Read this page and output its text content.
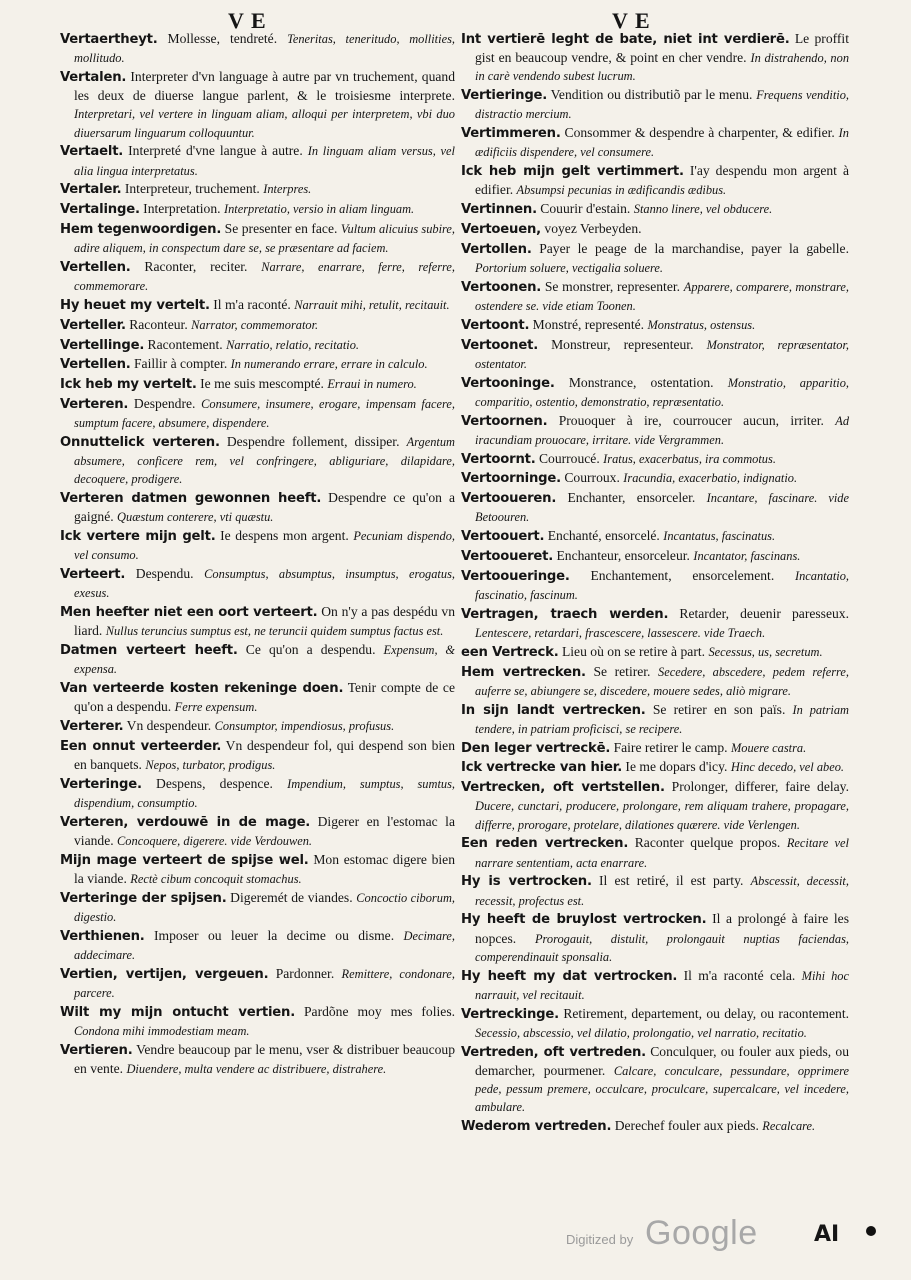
V E	V E

Vertaertheyt. Mollesse, tendreté. Teneritas, teneritudo, mollities, mollitudo.

Vertalen. Interpreter d'vn language à autre par vn truchement, quand les deux de diuerse langue parlent, & le troisiesme interprete. Interpretari, vel vertere in linguam aliam, alloqui per interpretem, vbi duo diuersarum linguarum colloquuntur.

Vertaelt. Interpreté d'vne langue à autre. In linguam aliam versus, vel alia lingua interpretatus.

Vertaler. Interpreteur, truchement. Interpres.

Vertalinge. Interpretation. Interpretatio, versio in aliam linguam.

Hem tegenwoordigen. Se presenter en face. Vultum alicuius subire, adire aliquem, in conspectum dare se, se præsentare ad faciem.

Vertellen. Raconter, reciter. Narrare, enarrare, ferre, referre, commemorare.

Hy heuet my vertelt. Il m'a raconté. Narrauit mihi, retulit, recitauit.

Verteller. Raconteur. Narrator, commemorator.

Vertellinge. Racontement. Narratio, relatio, recitatio.

Vertellen. Faillir à compter. In numerando errare, errare in calculo.

Ick heb my vertelt. Ie me suis mescompté. Erraui in numero.

Verteren. Despendre. Consumere, insumere, erogare, impensam facere, sumptum facere, absumere, dispendere.

Onnuttelick verteren. Despendre follement, dissiper. Argentum absumere, conficere rem, vel confringere, abliguriare, dilapidare, decoquere, prodigere.

Verteren datmen gewonnen heeft. Despendre ce qu'on a gaigné. Quæstum conterere, vti quæstu.

Ick vertere mijn gelt. Ie despens mon argent. Pecuniam dispendo, vel consumo.

Verteert. Despendu. Consumptus, absumptus, insumptus, erogatus, exesus.

Men heefter niet een oort verteert. On n'y a pas despédu vn liard. Nullus teruncius sumptus est, ne teruncii quidem sumptus factus est.

Datmen verteert heeft. Ce qu'on a despendu. Expensum, & expensa.

Van verteerde kosten rekeninge doen. Tenir compte de ce qu'on a despendu. Ferre expensum.

Verterer. Vn despendeur. Consumptor, impendiosus, profusus.

Een onnut verteerder. Vn despendeur fol, qui despend son bien en banquets. Nepos, turbator, prodigus.

Verteringe. Despens, despence. Impendium, sumptus, sumtus, dispendium, consumptio.

Verteren, verdouwē in de mage. Digerer en l'estomac la viande. Concoquere, digerere. vide Verdouwen.

Mijn mage verteert de spijse wel. Mon estomac digere bien la viande. Rectè cibum concoquit stomachus.

Verteringe der spijsen. Digeremét de viandes. Concoctio ciborum, digestio.

Verthienen. Imposer ou leuer la decime ou disme. Decimare, addecimare.

Vertien, vertijen, vergeuen. Pardonner. Remittere, condonare, parcere.

Wilt my mijn ontucht vertien. Pardõne moy mes folies. Condona mihi immodestiam meam.

Vertieren. Vendre beaucoup par le menu, vser & distribuer beaucoup en vente. Diuendere, multa vendere ac distribuere, distrahere.

Int vertierē leght de bate, niet int verdierē. Le proffit gist en beaucoup vendre, & point en cher vendre. In distrahendo, non in carè vendendo subest lucrum.

Vertieringe. Vendition ou distributiõ par le menu. Frequens venditio, distractio mercium.

Vertimmeren. Consommer & despendre à charpenter, & edifier. In ædificiis dispendere, vel consumere.

Ick heb mijn gelt vertimmert. I'ay despendu mon argent à edifier. Absumpsi pecunias in ædificandis ædibus.

Vertinnen. Couurir d'estain. Stanno linere, vel obducere.

Vertoeuen, voyez Verbeyden.

Vertollen. Payer le peage de la marchandise, payer la gabelle. Portorium soluere, vectigalia soluere.

Vertoonen. Se monstrer, representer. Apparere, comparere, monstrare, ostendere se. vide etiam Toonen.

Vertoont. Monstré, representé. Monstratus, ostensus.

Vertoonet. Monstreur, representeur. Monstrator, repræsentator, ostentator.

Vertooninge. Monstrance, ostentation. Monstratio, apparitio, comparitio, ostentio, demonstratio, repræsentatio.

Vertoornen. Prouoquer à ire, courroucer aucun, irriter. Ad iracundiam prouocare, irritare. vide Vergrammen.

Vertoornt. Courroucé. Iratus, exacerbatus, ira commotus.

Vertoorninge. Courroux. Iracundia, exacerbatio, indignatio.

Vertooueren. Enchanter, ensorceler. Incantare, fascinare. vide Betoouren.

Vertoouert. Enchanté, ensorcelé. Incantatus, fascinatus.

Vertooueret. Enchanteur, ensorceleur. Incantator, fascinans.

Vertooueringe. Enchantement, ensorcelement. Incantatio, fascinatio, fascinum.

Vertragen, traech werden. Retarder, deuenir paresseux. Lentescere, retardari, frascescere, lassescere. vide Traech.

een Vertreck. Lieu où on se retire à part. Secessus, us, secretum.

Hem vertrecken. Se retirer. Secedere, abscedere, pedem referre, auferre se, abiungere se, discedere, mouere sedes, aliò migrare.

In sijn landt vertrecken. Se retirer en son païs. In patriam tendere, in patriam proficisci, se recipere.

Den leger vertreckē. Faire retirer le camp. Mouere castra.

Ick vertrecke van hier. Ie me dopars d'icy. Hinc decedo, vel abeo.

Vertrecken, oft vertstellen. Prolonger, differer, faire delay. Ducere, cunctari, producere, prolongare, rem aliquam trahere, propagare, differre, prorogare, protelare, dilationes quærere. vide Verlengen.

Een reden vertrecken. Raconter quelque propos. Recitare vel narrare sententiam, acta enarrare.

Hy is vertrocken. Il est retiré, il est party. Abscessit, decessit, recessit, profectus est.

Hy heeft de bruylost vertrocken. Il a prolongé à faire les nopces. Prorogauit, distulit, prolongauit nuptias faciendas, comperendinauit sponsalia.

Hy heeft my dat vertrocken. Il m'a raconté cela. Mihi hoc narrauit, vel recitauit.

Vertreckinge. Retirement, departement, ou delay, ou racontement. Secessio, abscessio, vel dilatio, prolongatio, vel narratio, recitatio.

Vertreden, oft vertreden. Conculquer, ou fouler aux pieds, ou demarcher, pourmener. Calcare, conculcare, pessundare, opprimere pede, pessum premere, occulcare, proculcare, supercalcare, vel incedere, ambulare.

Wederom vertreden. Derechef fouler aux pieds. Recalcare.

Digitized by Google	AI
